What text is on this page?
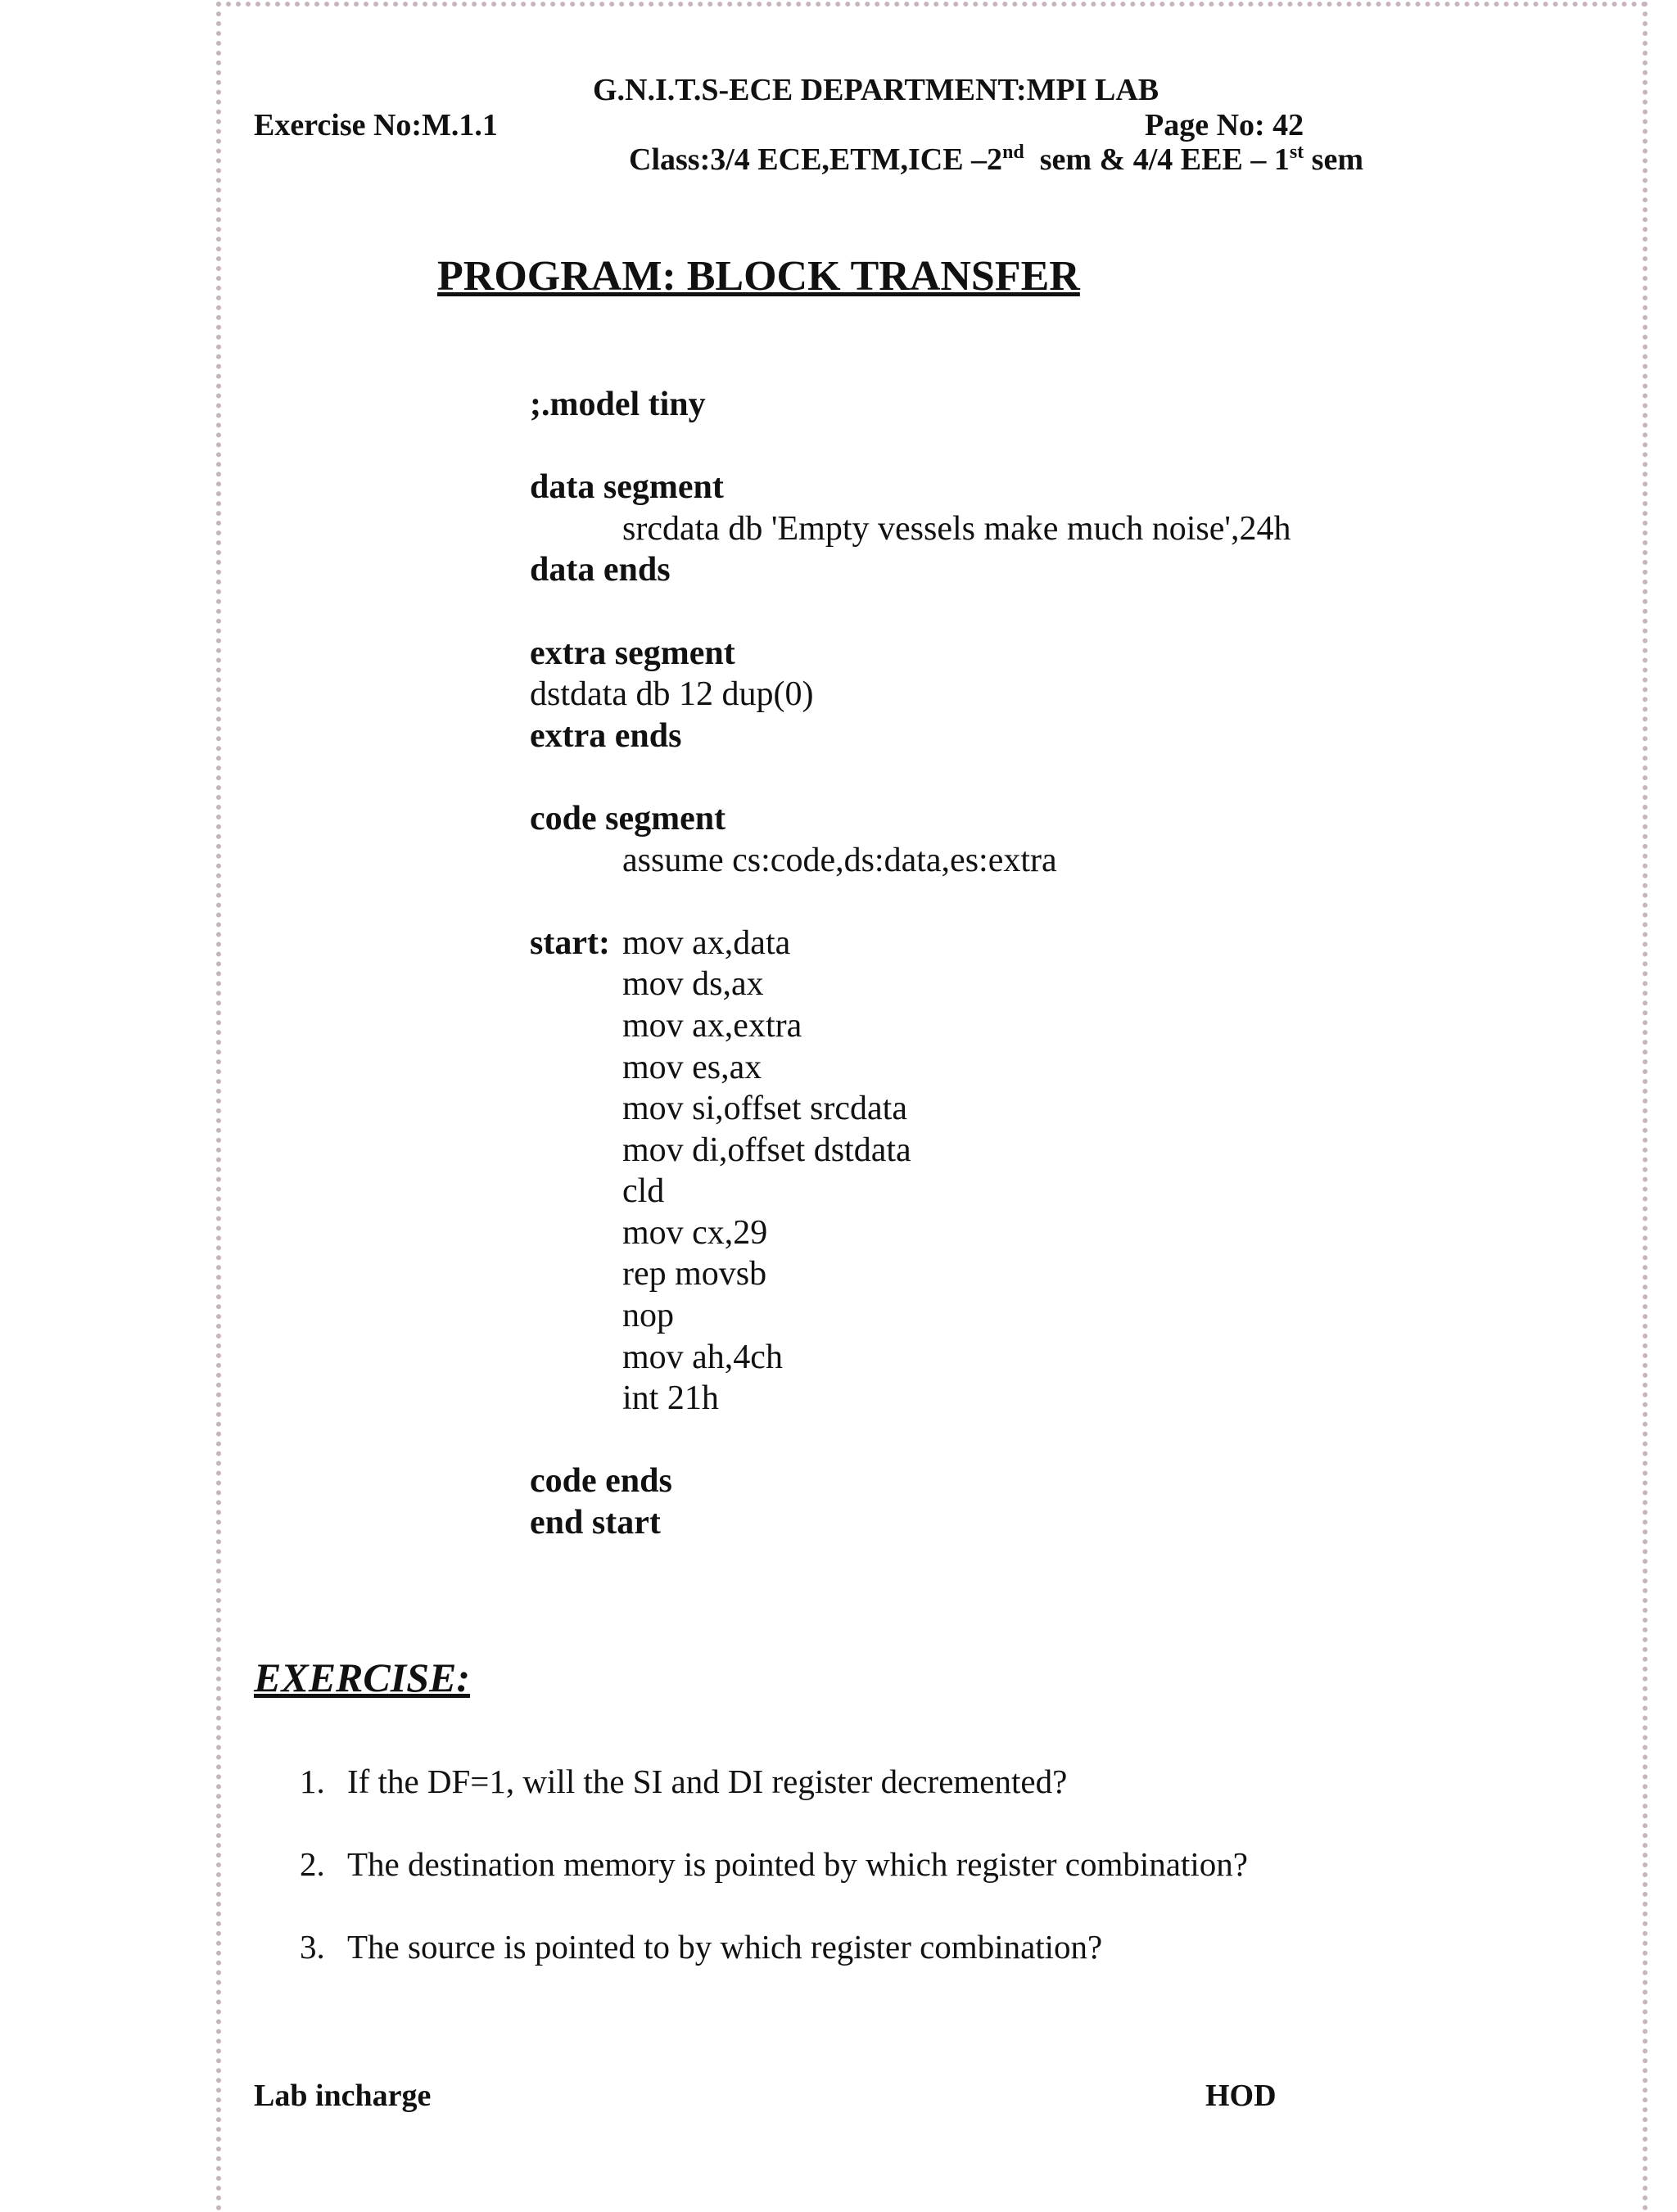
G.N.I.T.S-ECE DEPARTMENT:MPI LAB
Exercise No:M.1.1	Page No: 42
Class:3/4 ECE,ETM,ICE –2nd sem & 4/4 EEE – 1st sem
PROGRAM: BLOCK TRANSFER
;.model tiny
data segment
srcdata db 'Empty vessels make much noise',24h
data ends
extra segment
dstdata db 12 dup(0)
extra ends
code segment
assume cs:code,ds:data,es:extra
start: mov ax,data
mov ds,ax
mov ax,extra
mov es,ax
mov si,offset srcdata
mov di,offset dstdata
cld
mov cx,29
rep movsb
nop
mov ah,4ch
int 21h
code ends
end start
EXERCISE:
1. If the DF=1, will the SI and DI register decremented?
2. The destination memory is pointed by which register combination?
3. The source is pointed to by which register combination?
Lab incharge	HOD
